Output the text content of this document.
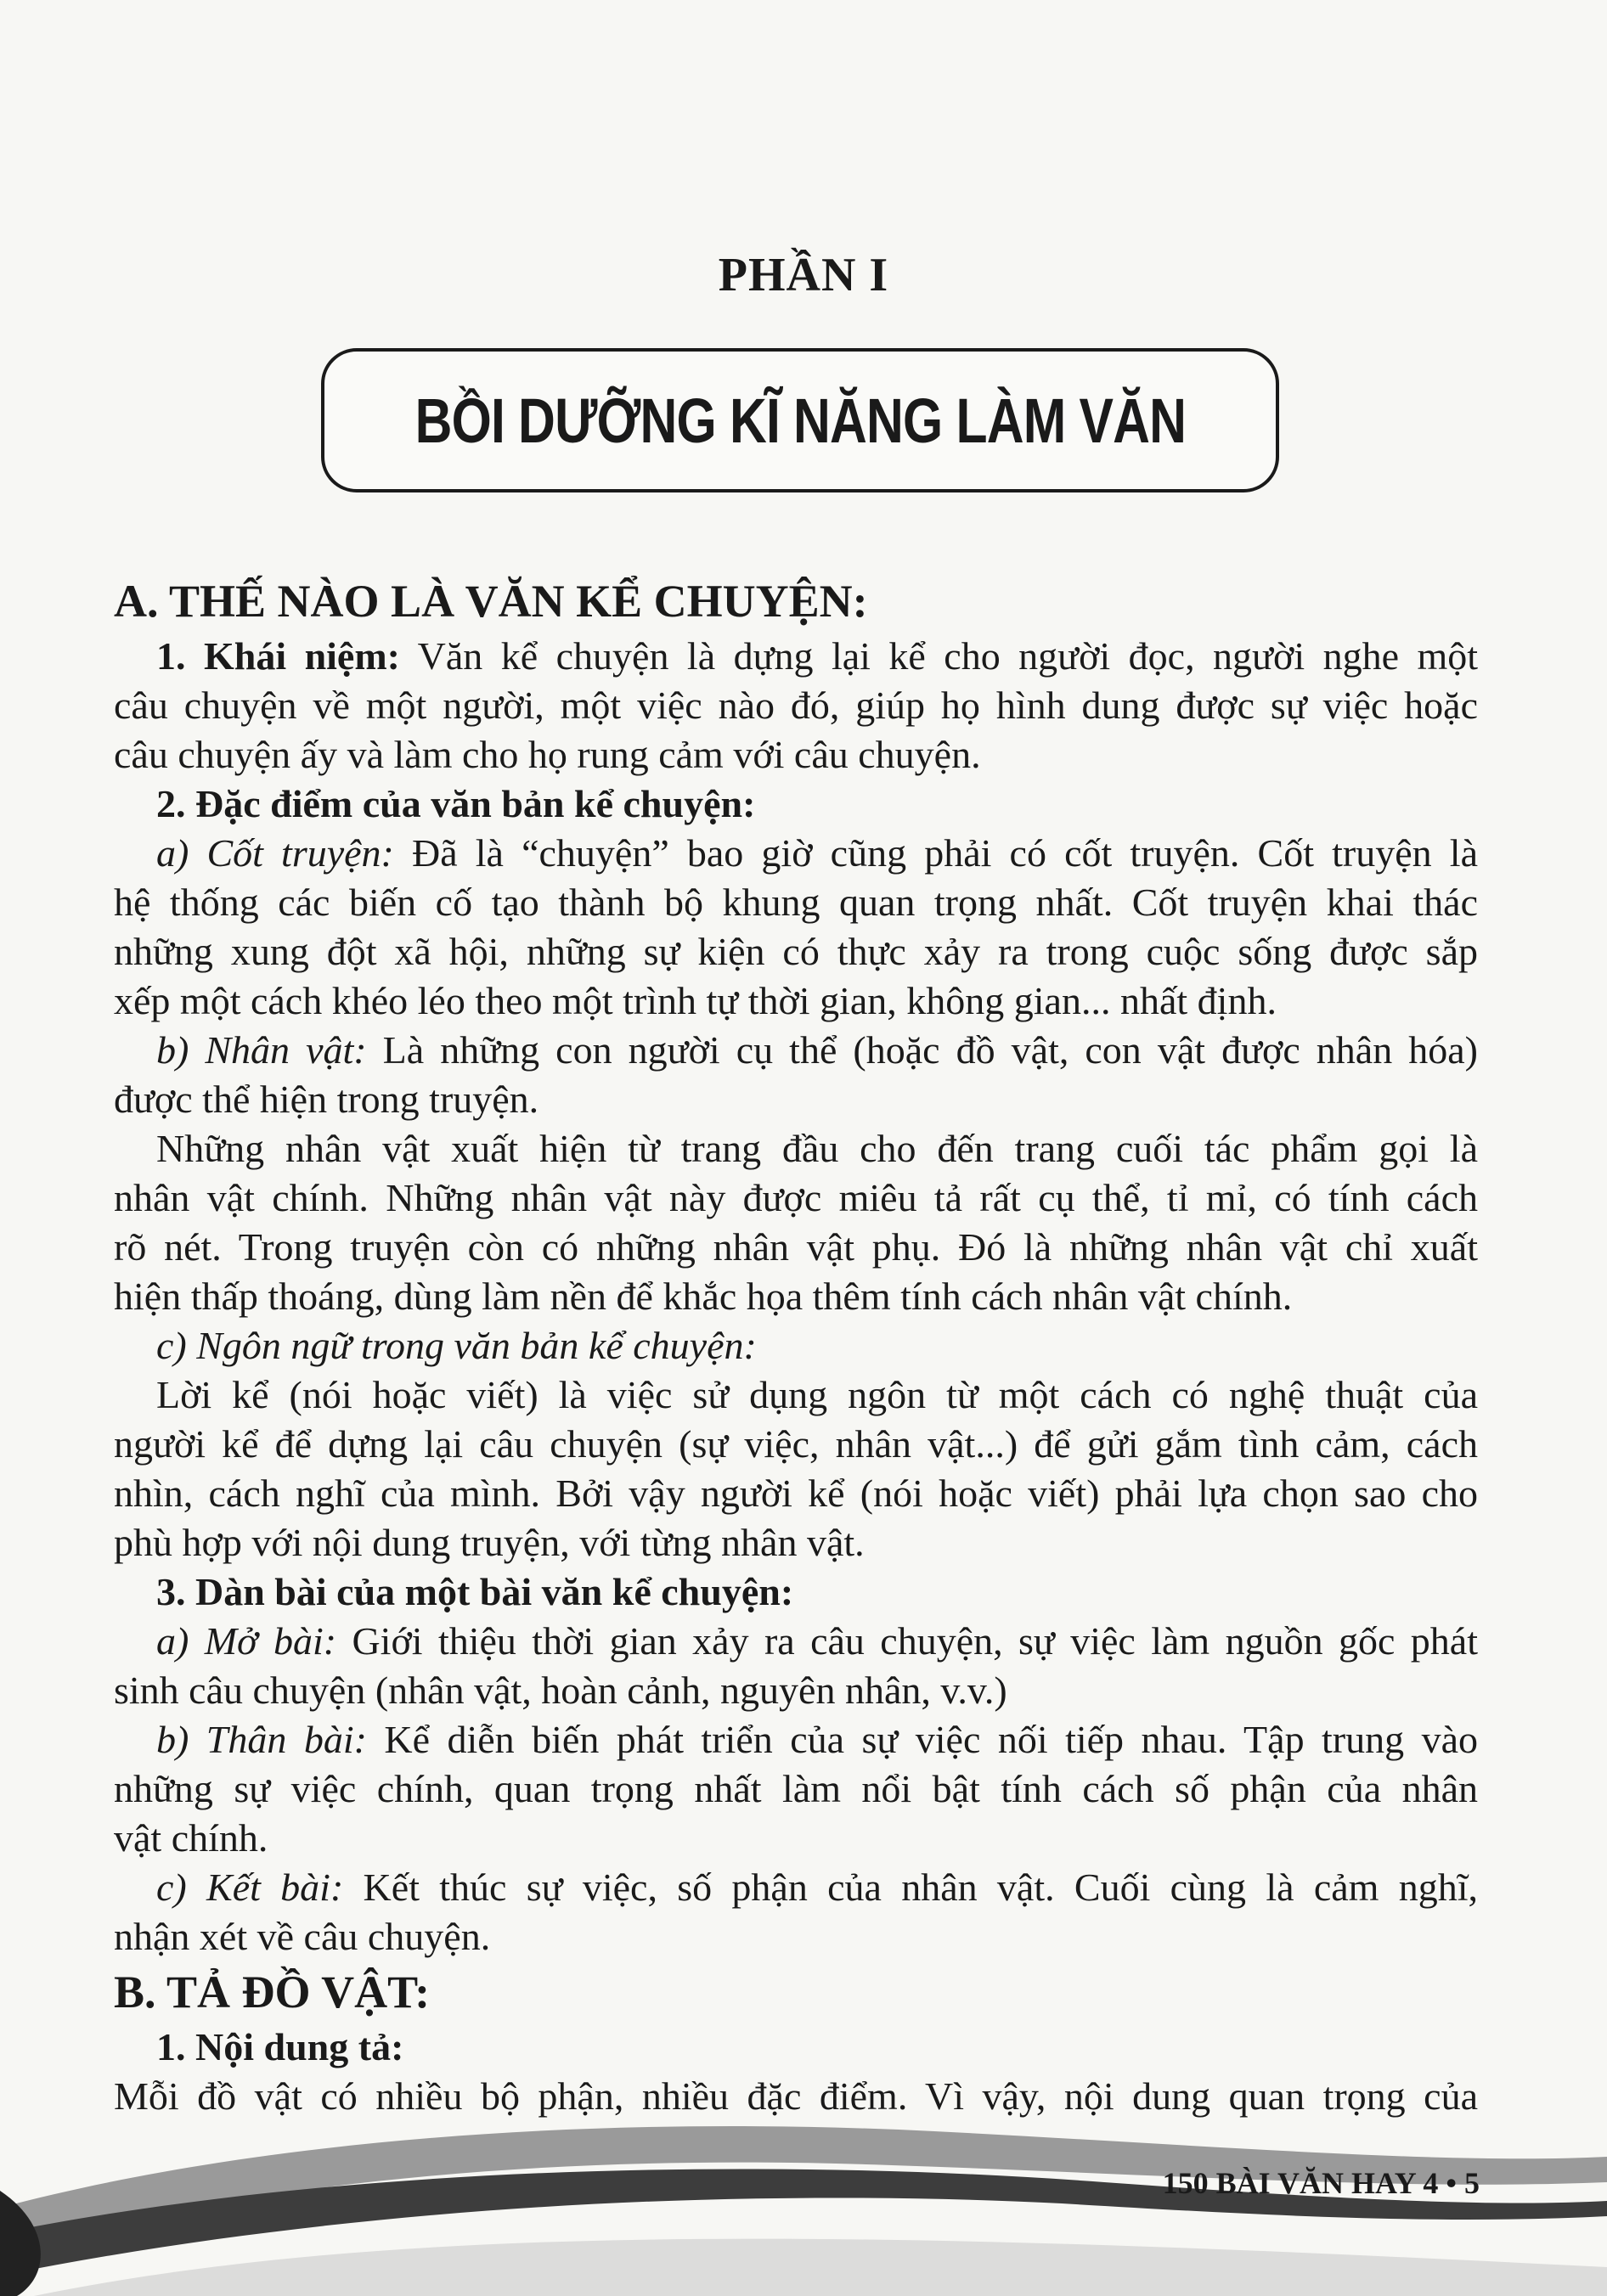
PHẦN I
BỒI DƯỠNG KĨ NĂNG LÀM VĂN

A. THẾ NÀO LÀ VĂN KỂ CHUYỆN:

1. Khái niệm: Văn kể chuyện là dựng lại kể cho người đọc, người nghe một

câu chuyện về một người, một việc nào đó, giúp họ hình dung được sự việc hoặc

câu chuyện ấy và làm cho họ rung cảm với câu chuyện.

2. Đặc điểm của văn bản kể chuyện:

a) Cốt truyện: Đã là “chuyện” bao giờ cũng phải có cốt truyện. Cốt truyện là

hệ thống các biến cố tạo thành bộ khung quan trọng nhất. Cốt truyện khai thác

những xung đột xã hội, những sự kiện có thực xảy ra trong cuộc sống được sắp

xếp một cách khéo léo theo một trình tự thời gian, không gian... nhất định.

b) Nhân vật: Là những con người cụ thể (hoặc đồ vật, con vật được nhân hóa)

được thể hiện trong truyện.

Những nhân vật xuất hiện từ trang đầu cho đến trang cuối tác phẩm gọi là

nhân vật chính. Những nhân vật này được miêu tả rất cụ thể, tỉ mỉ, có tính cách

rõ nét. Trong truyện còn có những nhân vật phụ. Đó là những nhân vật chỉ xuất

hiện thấp thoáng, dùng làm nền để khắc họa thêm tính cách nhân vật chính.

c) Ngôn ngữ trong văn bản kể chuyện:

Lời kể (nói hoặc viết) là việc sử dụng ngôn từ một cách có nghệ thuật của

người kể để dựng lại câu chuyện (sự việc, nhân vật...) để gửi gắm tình cảm, cách

nhìn, cách nghĩ của mình. Bởi vậy người kể (nói hoặc viết) phải lựa chọn sao cho

phù hợp với nội dung truyện, với từng nhân vật.

3. Dàn bài của một bài văn kể chuyện:

a) Mở bài: Giới thiệu thời gian xảy ra câu chuyện, sự việc làm nguồn gốc phát

sinh câu chuyện (nhân vật, hoàn cảnh, nguyên nhân, v.v.)

b) Thân bài: Kể diễn biến phát triển của sự việc nối tiếp nhau. Tập trung vào

những sự việc chính, quan trọng nhất làm nổi bật tính cách số phận của nhân

vật chính.

c) Kết bài: Kết thúc sự việc, số phận của nhân vật. Cuối cùng là cảm nghĩ,

nhận xét về câu chuyện.

B. TẢ ĐỒ VẬT:

1. Nội dung tả:

Mỗi đồ vật có nhiều bộ phận, nhiều đặc điểm. Vì vậy, nội dung quan trọng của

150 BÀI VĂN HAY 4 • 5
